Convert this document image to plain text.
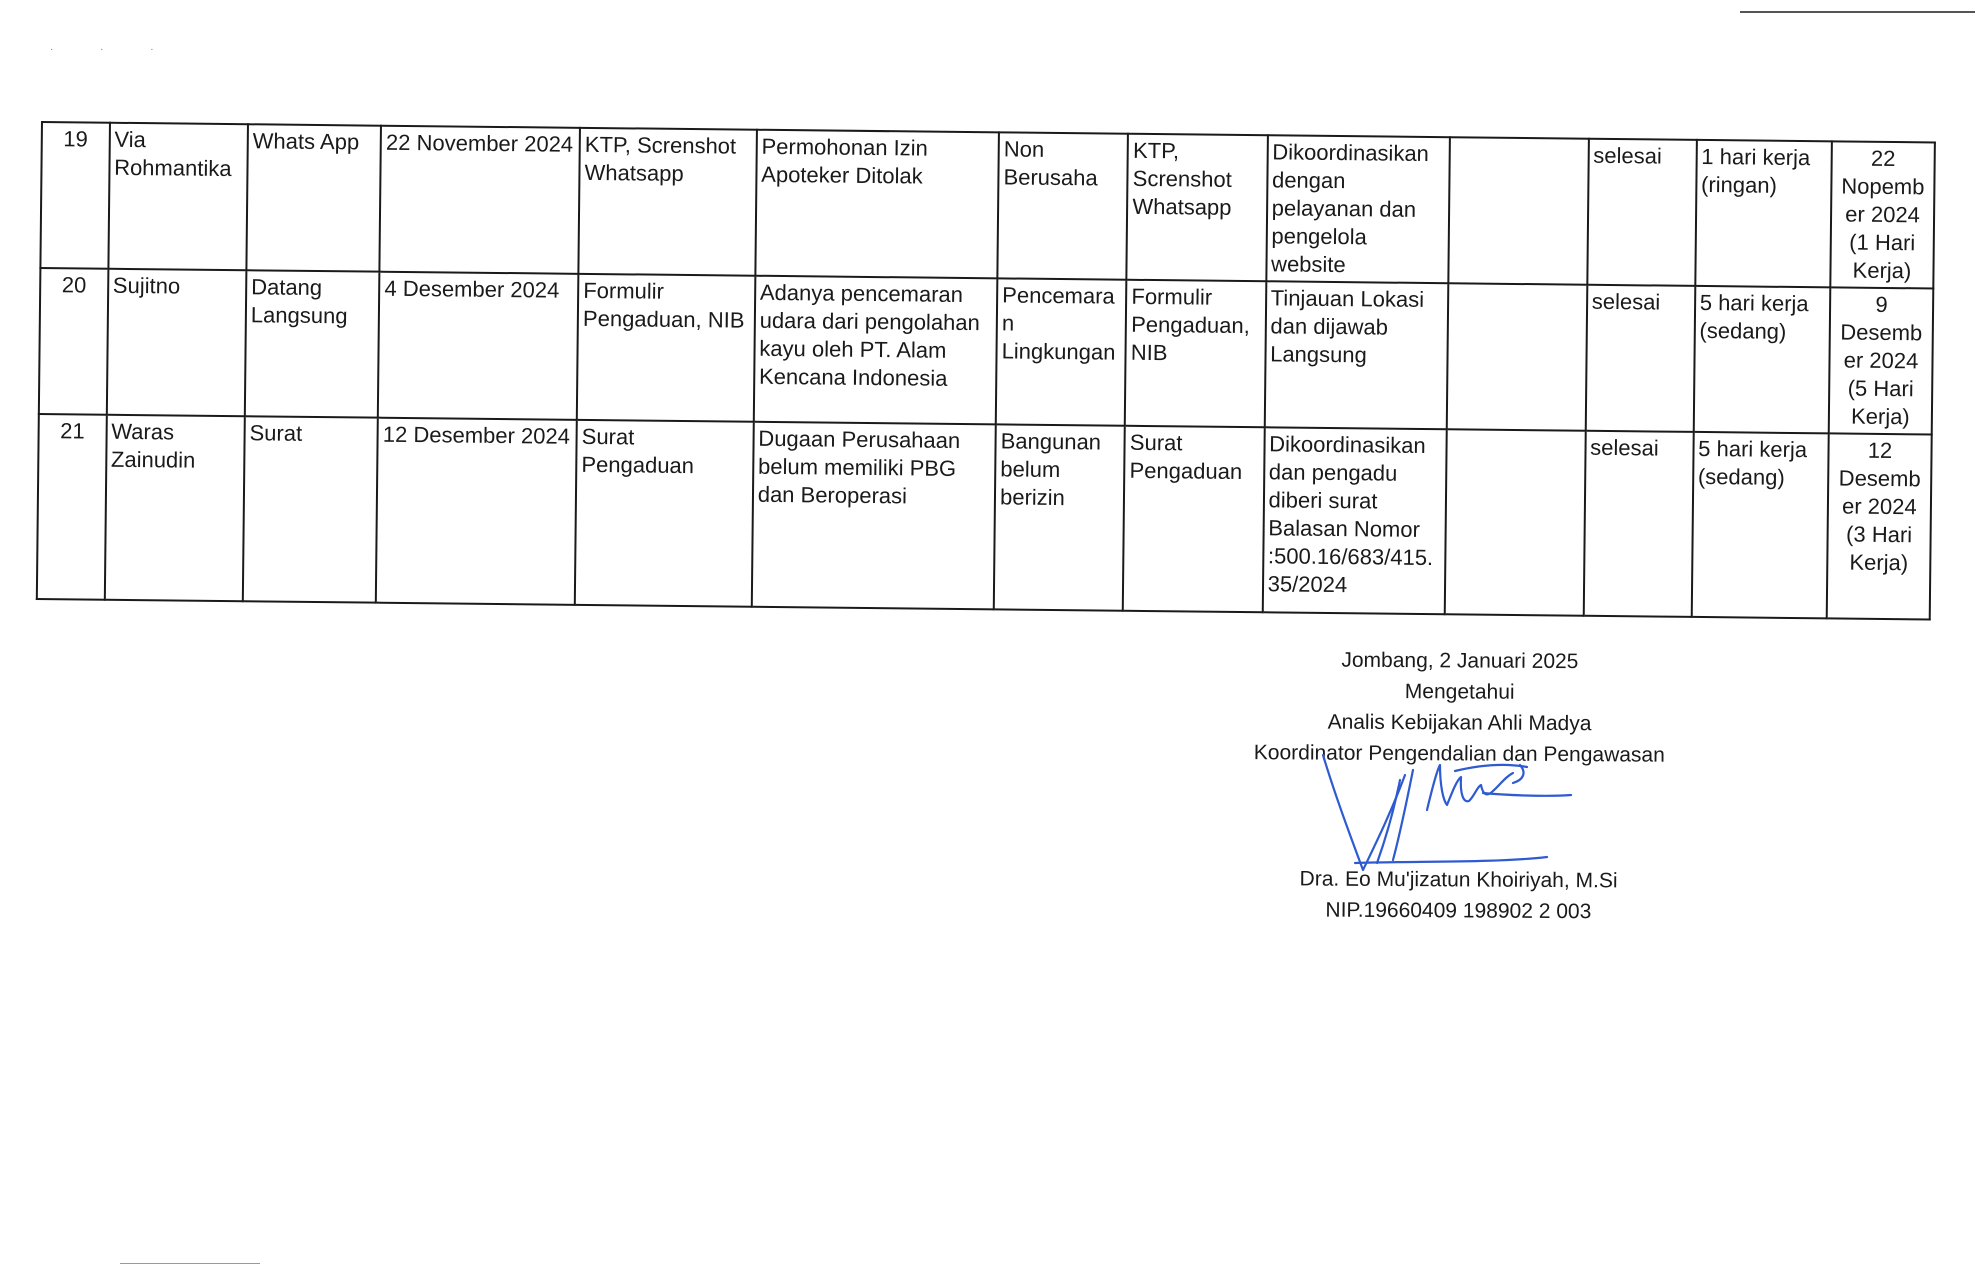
· · ·
19	Via Rohmantika	Whats App	22 November 2024	KTP, Screnshot Whatsapp	Permohonan Izin Apoteker Ditolak	Non Berusaha	KTP, Screnshot Whatsapp	Dikoordinasikan dengan pelayanan dan pengelola website		selesai	1 hari kerja (ringan)	22 Nopember 2024 (1 Hari Kerja)
20	Sujitno	Datang Langsung	4 Desember 2024	Formulir Pengaduan, NIB	Adanya pencemaran udara dari pengolahan kayu oleh PT. Alam Kencana Indonesia	Pencemaran Lingkungan	Formulir Pengaduan, NIB	Tinjauan Lokasi dan dijawab Langsung		selesai	5 hari kerja (sedang)	9 Desember 2024 (5 Hari Kerja)
21	Waras Zainudin	Surat	12 Desember 2024	Surat Pengaduan	Dugaan Perusahaan belum memiliki PBG dan Beroperasi	Bangunan belum berizin	Surat Pengaduan	Dikoordinasikan dan pengadu diberi surat Balasan Nomor :500.16/683/415.35/2024		selesai	5 hari kerja (sedang)	12 Desember 2024 (3 Hari Kerja)
Jombang, 2 Januari 2025
Mengetahui
Analis Kebijakan Ahli Madya
Koordinator Pengendalian dan Pengawasan
Dra. Eo Mu'jizatun Khoiriyah, M.Si
NIP.19660409 198902 2 003
